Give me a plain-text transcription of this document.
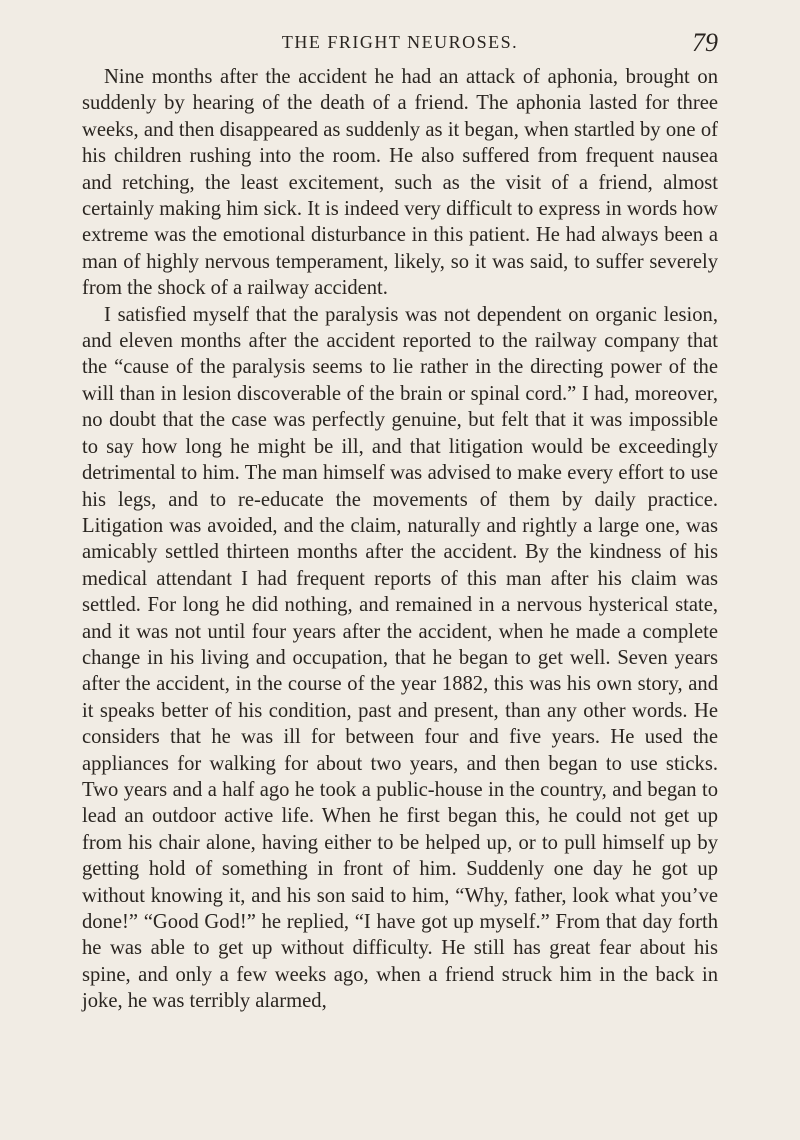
THE FRIGHT NEUROSES.	79

Nine months after the accident he had an attack of aphonia, brought on suddenly by hearing of the death of a friend. The aphonia lasted for three weeks, and then disappeared as suddenly as it began, when startled by one of his children rushing into the room. He also suffered from frequent nausea and retching, the least excitement, such as the visit of a friend, almost certainly making him sick. It is indeed very difficult to express in words how extreme was the emotional disturbance in this patient. He had always been a man of highly nervous temperament, likely, so it was said, to suffer severely from the shock of a railway accident.

I satisfied myself that the paralysis was not dependent on organic lesion, and eleven months after the accident reported to the railway company that the “cause of the paralysis seems to lie rather in the directing power of the will than in lesion discoverable of the brain or spinal cord.” I had, moreover, no doubt that the case was perfectly genuine, but felt that it was impossible to say how long he might be ill, and that litigation would be exceedingly detrimental to him. The man himself was advised to make every effort to use his legs, and to re-educate the movements of them by daily practice. Litigation was avoided, and the claim, naturally and rightly a large one, was amicably settled thirteen months after the accident. By the kindness of his medical attendant I had frequent reports of this man after his claim was settled. For long he did nothing, and remained in a nervous hysterical state, and it was not until four years after the accident, when he made a complete change in his living and occupation, that he began to get well. Seven years after the accident, in the course of the year 1882, this was his own story, and it speaks better of his condition, past and present, than any other words. He considers that he was ill for between four and five years. He used the appliances for walking for about two years, and then began to use sticks. Two years and a half ago he took a public-house in the country, and began to lead an outdoor active life. When he first began this, he could not get up from his chair alone, having either to be helped up, or to pull himself up by getting hold of something in front of him. Suddenly one day he got up without knowing it, and his son said to him, “Why, father, look what you’ve done!” “Good God!” he replied, “I have got up myself.” From that day forth he was able to get up without difficulty. He still has great fear about his spine, and only a few weeks ago, when a friend struck him in the back in joke, he was terribly alarmed,
